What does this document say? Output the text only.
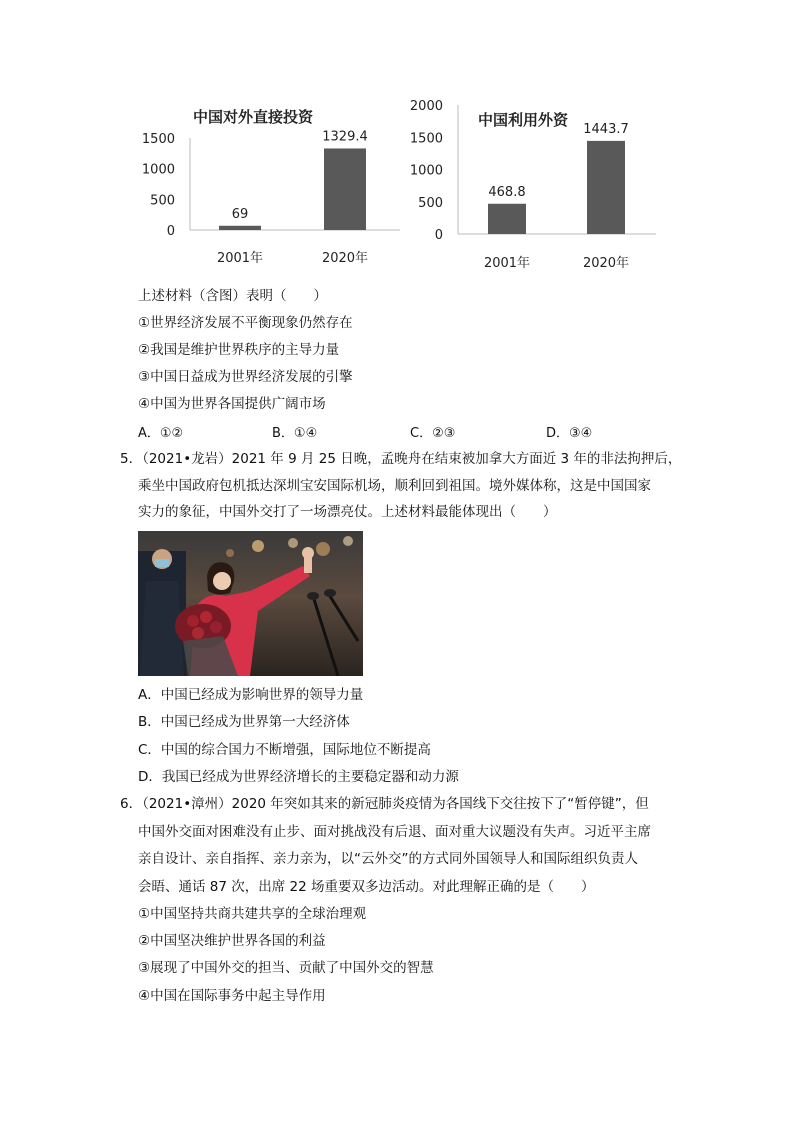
0
500
1000
1500
中国对外直接投资
69
2001年
1329.4
2020年
0
500
1000
1500
2000
中国利用外资
468.8
2001年
1443.7
2020年
上述材料（含图）表明（　　）
①世界经济发展不平衡现象仍然存在
②我国是维护世界秩序的主导力量
③中国日益成为世界经济发展的引擎
④中国为世界各国提供广阔市场
A．①②	B．①④	C．②③	D．③④
5．（2021•龙岩）2021 年 9 月 25 日晚，孟晚舟在结束被加拿大方面近 3 年的非法拘押后，
乘坐中国政府包机抵达深圳宝安国际机场，顺利回到祖国。境外媒体称，这是中国国家
实力的象征，中国外交打了一场漂亮仗。上述材料最能体现出（　　）
A．中国已经成为影响世界的领导力量
B．中国已经成为世界第一大经济体
C．中国的综合国力不断增强，国际地位不断提高
D．我国已经成为世界经济增长的主要稳定器和动力源
6．（2021•漳州）2020 年突如其来的新冠肺炎疫情为各国线下交往按下了“暂停键”，但
中国外交面对困难没有止步、面对挑战没有后退、面对重大议题没有失声。习近平主席
亲自设计、亲自指挥、亲力亲为，以“云外交”的方式同外国领导人和国际组织负责人
会晤、通话 87 次，出席 22 场重要双多边活动。对此理解正确的是（　　）
①中国坚持共商共建共享的全球治理观
②中国坚决维护世界各国的利益
③展现了中国外交的担当、贡献了中国外交的智慧
④中国在国际事务中起主导作用
